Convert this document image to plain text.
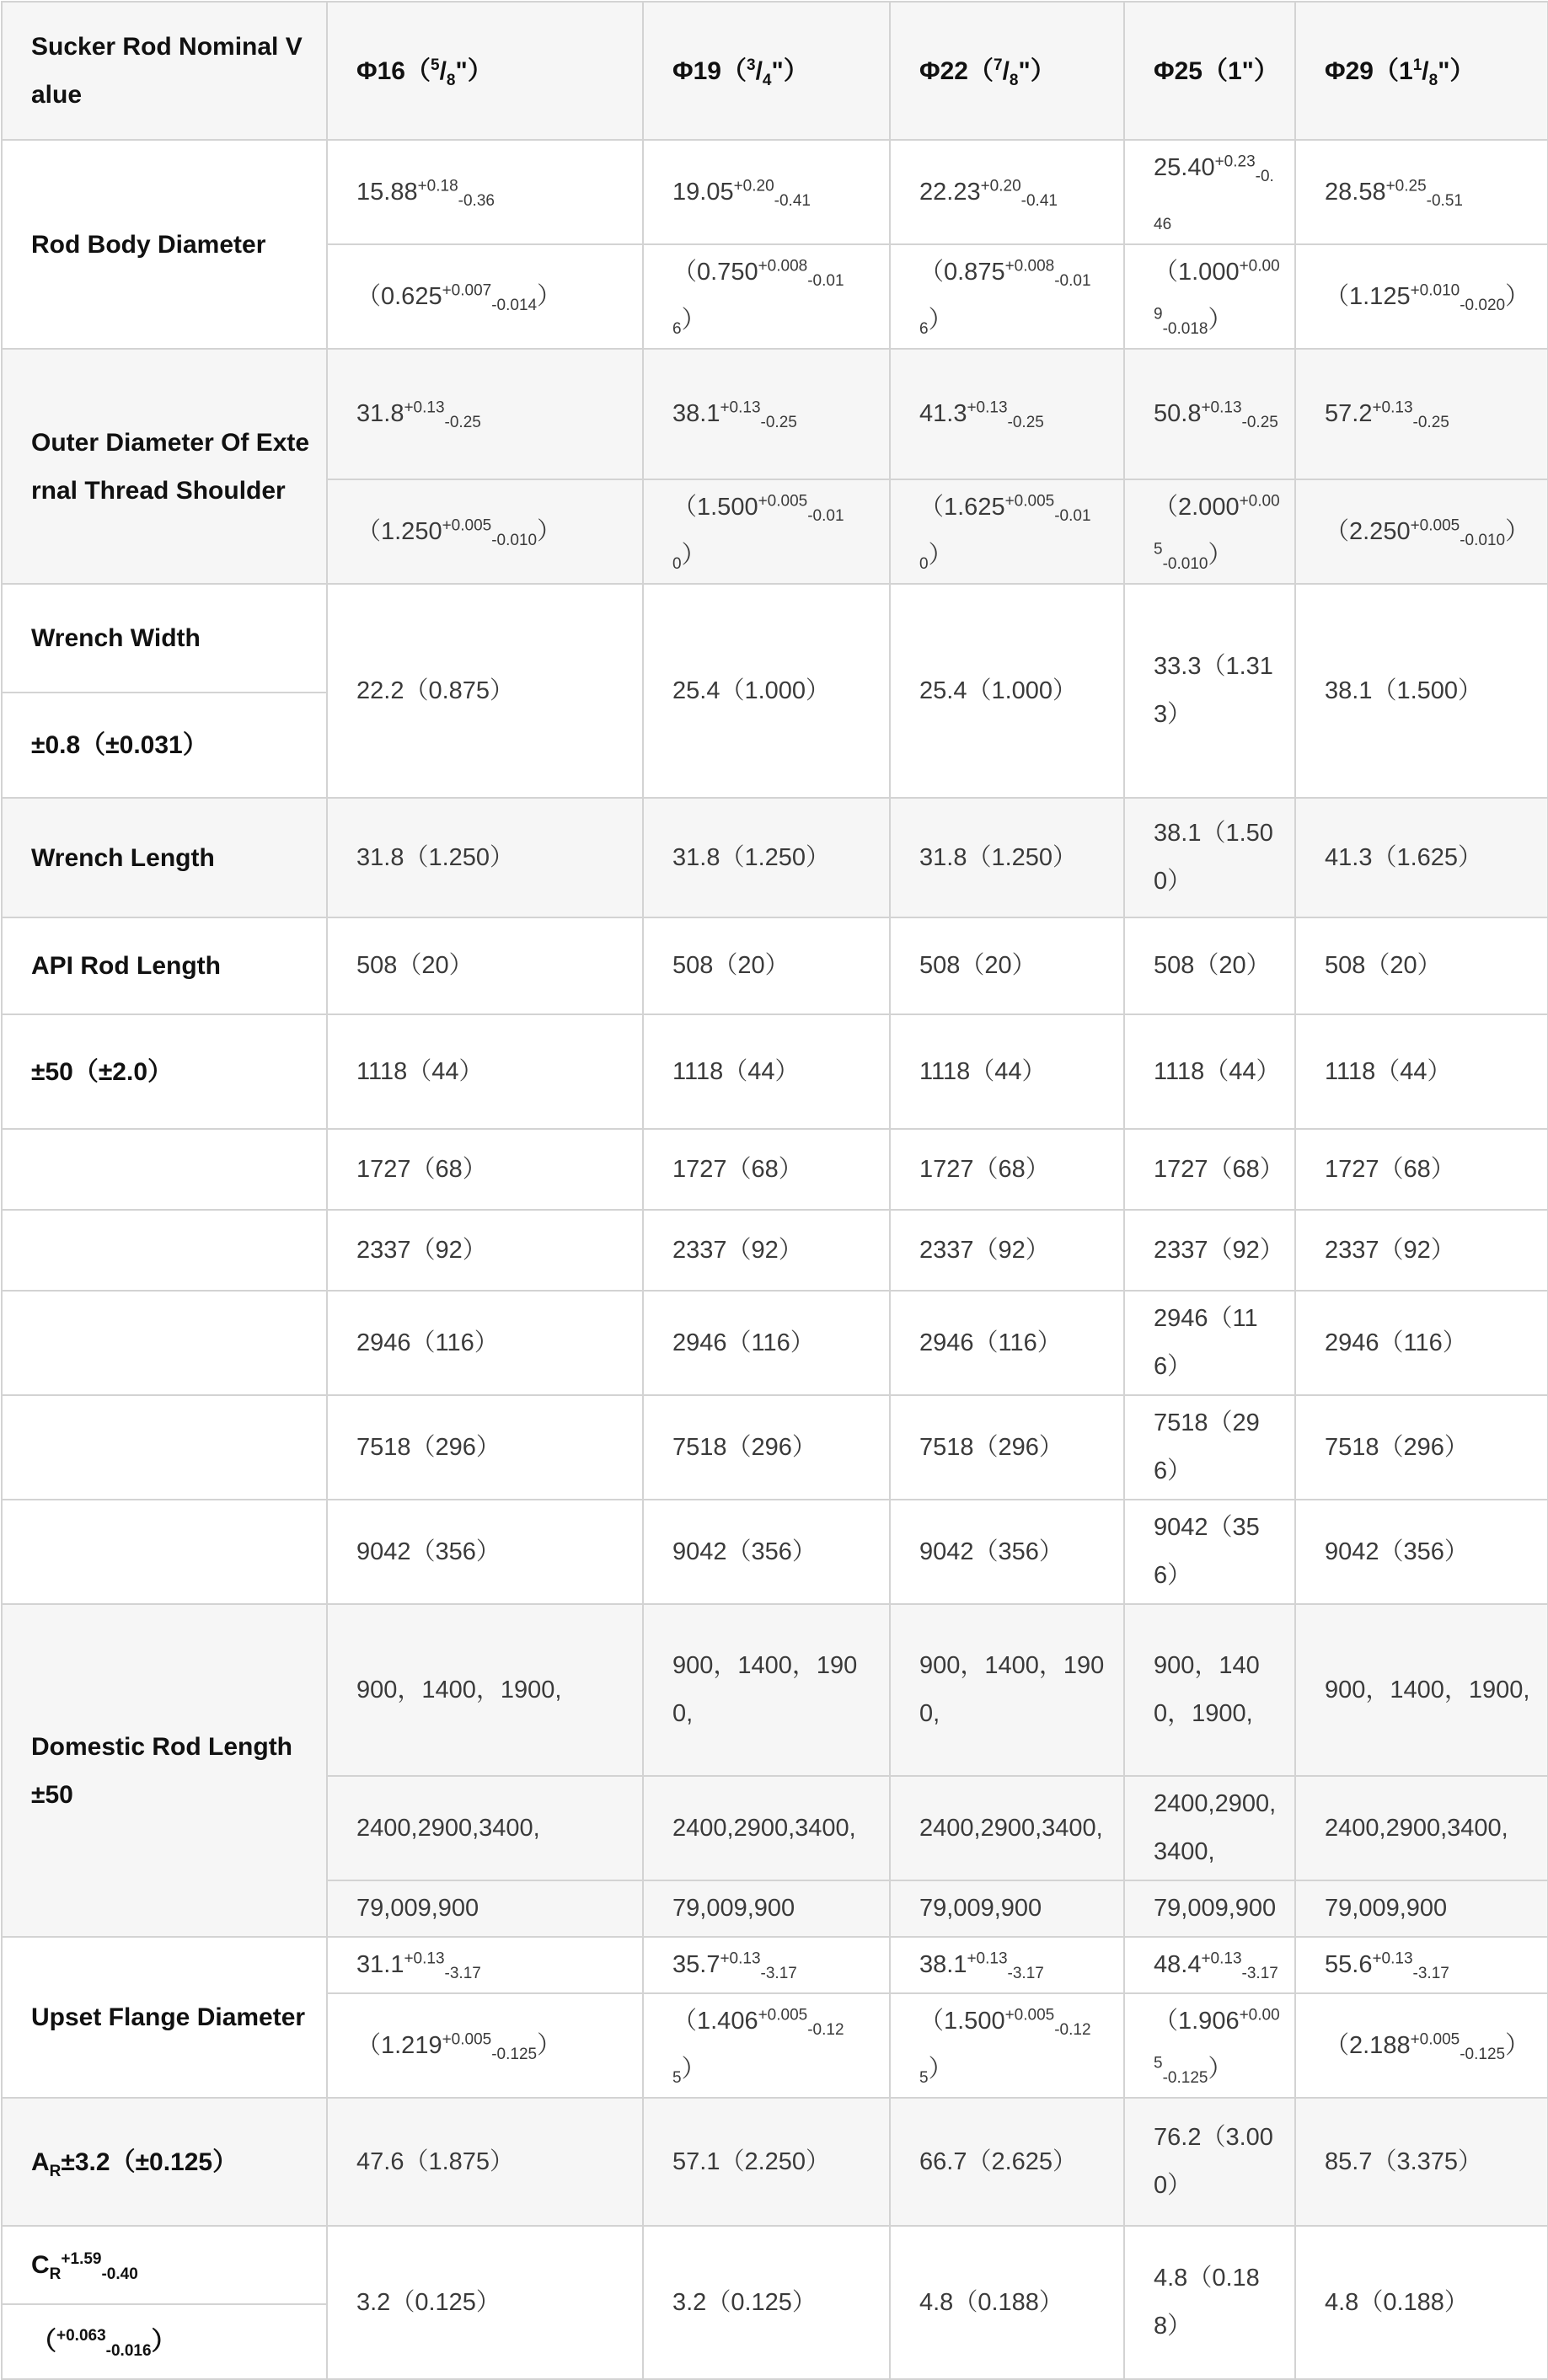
Sucker Rod Nominal Value	$\Phi 16(^5/_8")$	$\Phi 19(^3/_4")$	$\Phi 22(^7/_8")$	Φ25（1"）	$\Phi 29(1^1/_8")$
Rod Body Diameter	$15.88^{+0.18}_{-0.36}$	$19.05^{+0.20}_{-0.41}$	$22.23^{+0.20}_{-0.41}$	$25.40^{+0.23}_{-0.46}$	$28.58^{+0.25}_{-0.51}$
	$(0.625^{+0.007}_{-0.014})$	$(0.750^{+0.008}_{-0.016})$	$(0.875^{+0.008}_{-0.016})$	$(1.000^{+0.009}_{-0.018})$	$(1.125^{+0.010}_{-0.020})$
Outer Diameter Of External Thread Shoulder	$31.8^{+0.13}_{-0.25}$	$38.1^{+0.13}_{-0.25}$	$41.3^{+0.13}_{-0.25}$	$50.8^{+0.13}_{-0.25}$	$57.2^{+0.13}_{-0.25}$
	$(1.250^{+0.005}_{-0.010})$	$(1.500^{+0.005}_{-0.010})$	$(1.625^{+0.005}_{-0.010})$	$(2.000^{+0.005}_{-0.010})$	$(2.250^{+0.005}_{-0.010})$
Wrench Width	22.2（0.875）	25.4（1.000）	25.4（1.000）	33.3（1.313）	38.1（1.500）
±0.8（±0.031）					
Wrench Length	31.8（1.250）	31.8（1.250）	31.8（1.250）	38.1（1.500）	41.3（1.625）
API Rod Length	508（20）	508（20）	508（20）	508（20）	508（20）
±50（±2.0）	1118（44）	1118（44）	1118（44）	1118（44）	1118（44）
	1727（68）	1727（68）	1727（68）	1727（68）	1727（68）
	2337（92）	2337（92）	2337（92）	2337（92）	2337（92）
	2946（116）	2946（116）	2946（116）	2946（116）	2946（116）
	7518（296）	7518（296）	7518（296）	7518（296）	7518（296）
	9042（356）	9042（356）	9042（356）	9042（356）	9042（356）
Domestic Rod Length±50	900，1400，1900,	900，1400，1900,	900，1400，1900,	900，1400，1900,	900，1400，1900,
	2400,2900,3400,	2400,2900,3400,	2400,2900,3400,	2400,2900,3400,	2400,2900,3400,
	79,009,900	79,009,900	79,009,900	79,009,900	79,009,900
Upset Flange Diameter	$31.1^{+0.13}_{-3.17}$	$35.7^{+0.13}_{-3.17}$	$38.1^{+0.13}_{-3.17}$	$48.4^{+0.13}_{-3.17}$	$55.6^{+0.13}_{-3.17}$
	$(1.219^{+0.005}_{-0.125})$	$(1.406^{+0.005}_{-0.125})$	$(1.500^{+0.005}_{-0.125})$	$(1.906^{+0.005}_{-0.125})$	$(2.188^{+0.005}_{-0.125})$
$A_R\pm 3.2(\pm 0.125)$	47.6（1.875）	57.1（2.250）	66.7（2.625）	76.2（3.000）	85.7（3.375）
$C_R^{+1.59}_{-0.40}$	3.2（0.125）	3.2（0.125）	4.8（0.188）	4.8（0.188）	4.8（0.188）
（$^{+0.063}_{-0.016}$）					
